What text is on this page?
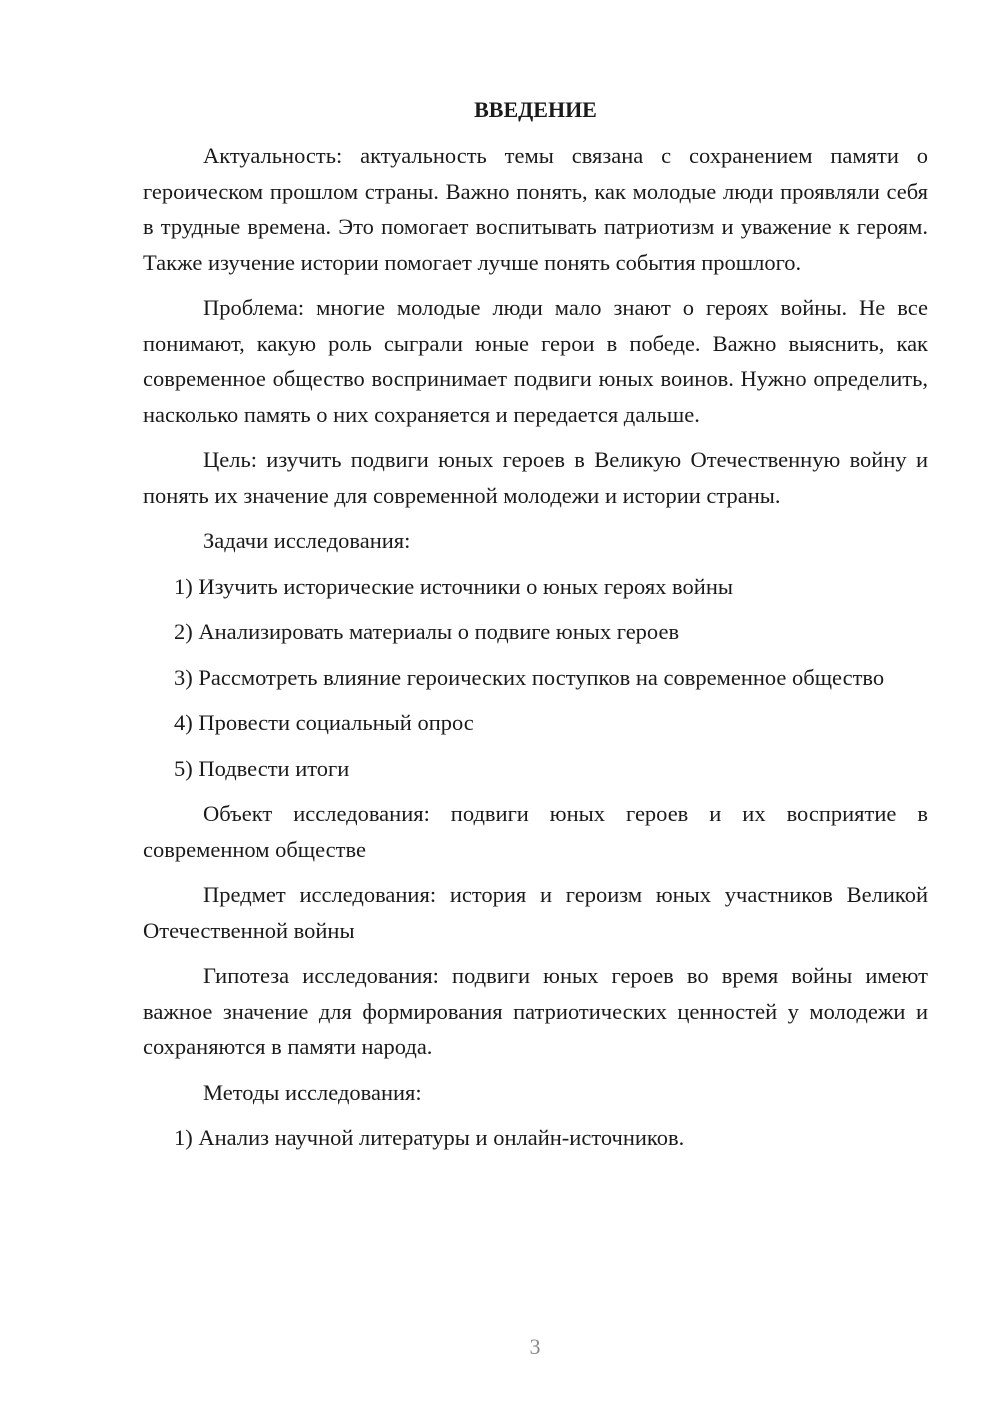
ВВЕДЕНИЕ

Актуальность: актуальность темы связана с сохранением памяти о героическом прошлом страны. Важно понять, как молодые люди проявляли себя в трудные времена. Это помогает воспитывать патриотизм и уважение к героям. Также изучение истории помогает лучше понять события прошлого.

Проблема: многие молодые люди мало знают о героях войны. Не все понимают, какую роль сыграли юные герои в победе. Важно выяснить, как современное общество воспринимает подвиги юных воинов. Нужно определить, насколько память о них сохраняется и передается дальше.

Цель: изучить подвиги юных героев в Великую Отечественную войну и понять их значение для современной молодежи и истории страны.

Задачи исследования:

1) Изучить исторические источники о юных героях войны

2) Анализировать материалы о подвиге юных героев

3) Рассмотреть влияние героических поступков на современное общество

4) Провести социальный опрос

5) Подвести итоги

Объект исследования: подвиги юных героев и их восприятие в современном обществе

Предмет исследования: история и героизм юных участников Великой Отечественной войны

Гипотеза исследования: подвиги юных героев во время войны имеют важное значение для формирования патриотических ценностей у молодежи и сохраняются в памяти народа.

Методы исследования:

1) Анализ научной литературы и онлайн-источников.

3
